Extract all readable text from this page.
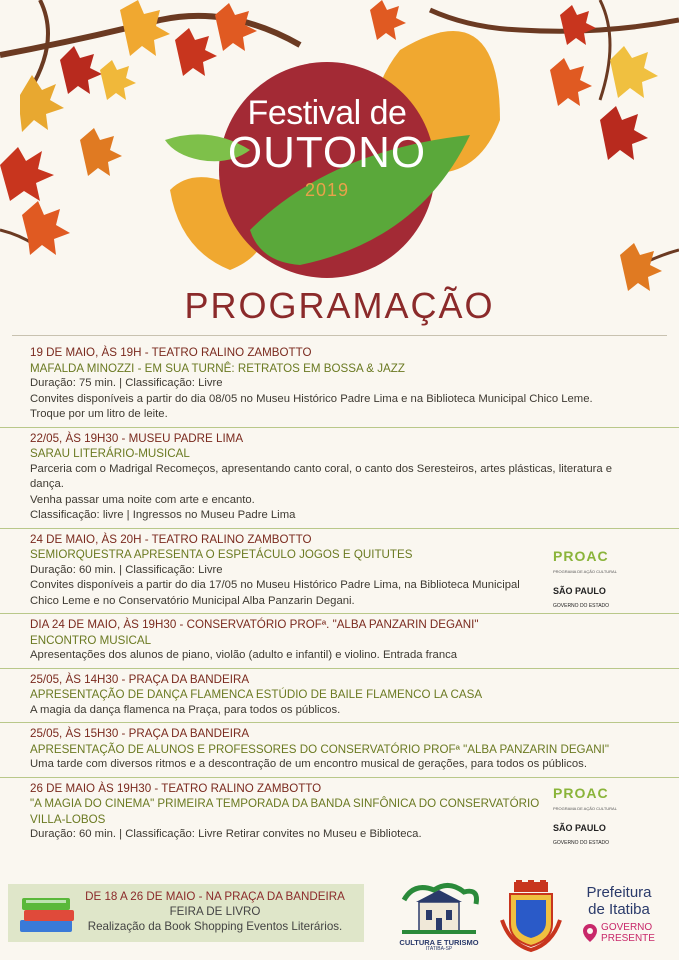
Festival de
OUTONO
2019
PROGRAMAÇÃO
19 DE MAIO, ÀS 19H - TEATRO RALINO ZAMBOTTO
MAFALDA MINOZZI - EM SUA TURNÊ: RETRATOS EM BOSSA & JAZZ
Duração: 75 min. | Classificação: Livre
Convites disponíveis a partir do dia 08/05 no Museu Histórico Padre Lima e na Biblioteca Municipal Chico Leme.
Troque por um litro de leite.
22/05, ÀS 19H30 - MUSEU PADRE LIMA
SARAU LITERÁRIO-MUSICAL
Parceria com o Madrigal Recomeços, apresentando canto coral, o canto dos Seresteiros, artes plásticas, literatura e dança.
Venha passar uma noite com arte e encanto.
Classificação: livre | Ingressos no Museu Padre Lima
24 DE MAIO, ÀS 20H - TEATRO RALINO ZAMBOTTO
SEMIORQUESTRA APRESENTA O ESPETÁCULO JOGOS E QUITUTES
Duração: 60 min. | Classificação: Livre
Convites disponíveis a partir do dia 17/05 no Museu Histórico Padre Lima, na Biblioteca Municipal
Chico Leme e no Conservatório Municipal Alba Panzarin Degani.
PROAC
PROGRAMA DE AÇÃO CULTURAL
SÃO PAULO
GOVERNO DO ESTADO
DIA 24 DE MAIO, ÀS 19H30 - CONSERVATÓRIO PROFª. "ALBA PANZARIN DEGANI"
ENCONTRO MUSICAL
Apresentações dos alunos de piano, violão (adulto e infantil) e violino. Entrada franca
25/05, ÀS 14H30 - PRAÇA DA BANDEIRA
APRESENTAÇÃO DE DANÇA FLAMENCA ESTÚDIO DE BAILE FLAMENCO LA CASA
A magia da dança flamenca na Praça, para todos os públicos.
25/05, ÀS 15H30 - PRAÇA DA BANDEIRA
APRESENTAÇÃO DE ALUNOS E PROFESSORES DO CONSERVATÓRIO PROFª "ALBA PANZARIN DEGANI"
Uma tarde com diversos ritmos e a descontração de um encontro musical de gerações, para todos os públicos.
26 DE MAIO ÀS 19H30 - TEATRO RALINO ZAMBOTTO
"A MAGIA DO CINEMA" PRIMEIRA TEMPORADA DA BANDA SINFÔNICA DO CONSERVATÓRIO
VILLA-LOBOS
Duração: 60 min. | Classificação: Livre Retirar convites no Museu e Biblioteca.
PROAC
PROGRAMA DE AÇÃO CULTURAL
SÃO PAULO
GOVERNO DO ESTADO
DE 18 A 26 DE MAIO - NA PRAÇA DA BANDEIRA
FEIRA DE LIVRO
Realização da Book Shopping Eventos Literários.
CULTURA E TURISMO
ITATIBA-SP
Prefeitura
de Itatiba
GOVERNO
PRESENTE
